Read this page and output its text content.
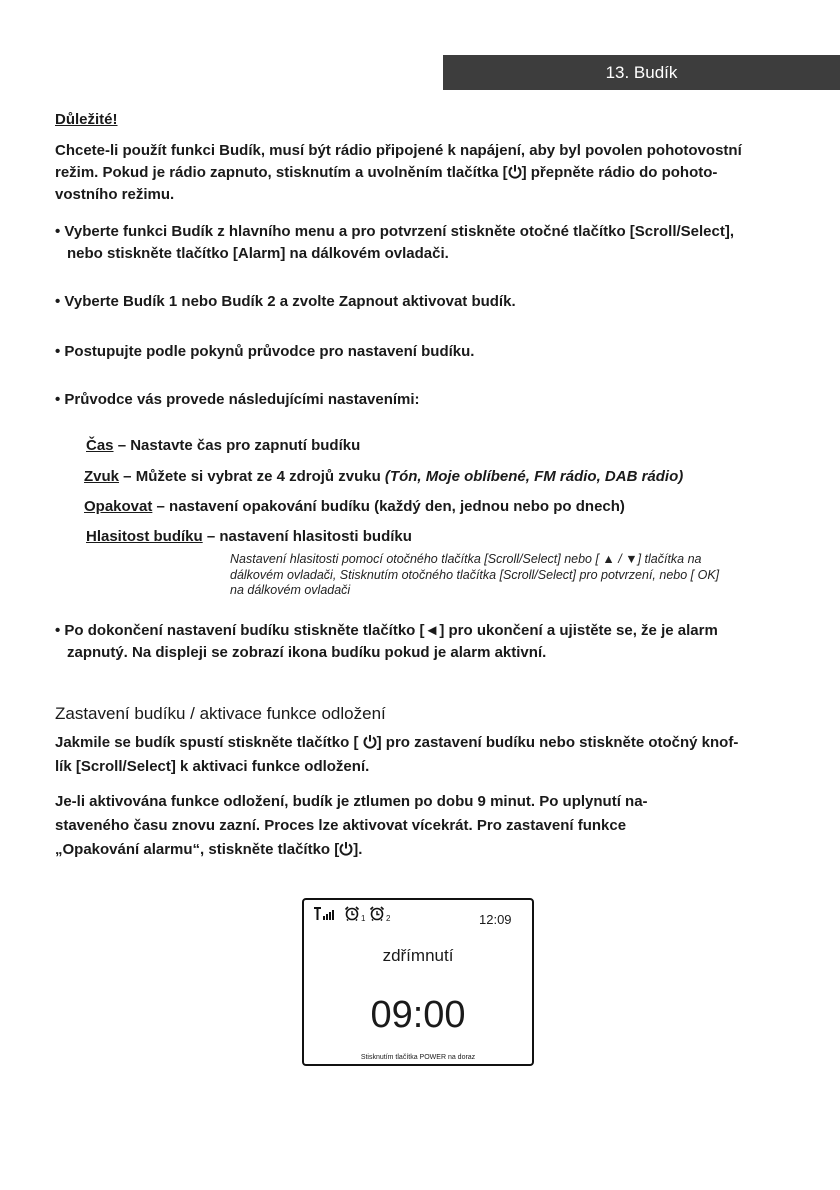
13. Budík
Důležité!
Chcete-li použít funkci Budík, musí být rádio připojené k napájení, aby byl povolen pohotovostní
režim. Pokud je rádio zapnuto, stisknutím a uvolněním tlačítka [ ] přepněte rádio do pohoto-
vostního režimu.
• Vyberte funkci Budík z hlavního menu a pro potvrzení stiskněte otočné tlačítko [Scroll/Select],
nebo stiskněte tlačítko [Alarm] na dálkovém ovladači.
• Vyberte Budík 1 nebo Budík 2 a zvolte Zapnout aktivovat budík.
• Postupujte podle pokynů průvodce pro nastavení budíku.
• Průvodce vás provede následujícími nastaveními:
Čas – Nastavte čas pro zapnutí budíku
Zvuk – Můžete si vybrat ze 4 zdrojů zvuku (Tón, Moje oblíbené, FM rádio, DAB rádio)
Opakovat – nastavení opakování budíku (každý den, jednou nebo po dnech)
Hlasitost budíku – nastavení hlasitosti budíku
Nastavení hlasitosti pomocí otočného tlačítka [Scroll/Select] nebo [ ▲ / ▼] tlačítka na
dálkovém ovladači, Stisknutím otočného tlačítka [Scroll/Select] pro potvrzení, nebo [ OK]
na dálkovém ovladači
• Po dokončení nastavení budíku stiskněte tlačítko [◄] pro ukončení a ujistěte se, že je alarm
zapnutý. Na displeji se zobrazí ikona budíku pokud je alarm aktivní.
Zastavení budíku / aktivace funkce odložení
Jakmile se budík spustí stiskněte tlačítko [ ] pro zastavení budíku nebo stiskněte otočný knof-
lík [Scroll/Select] k aktivaci funkce odložení.
Je-li aktivována funkce odložení, budík je ztlumen po dobu 9 minut. Po uplynutí na-
staveného času znovu zazní. Proces lze aktivovat vícekrát. Pro zastavení funkce
„Opakování alarmu“, stiskněte tlačítko [ ].
1	2	12:09
zdřímnutí
09:00
Stisknutím tlačítka POWER na doraz
